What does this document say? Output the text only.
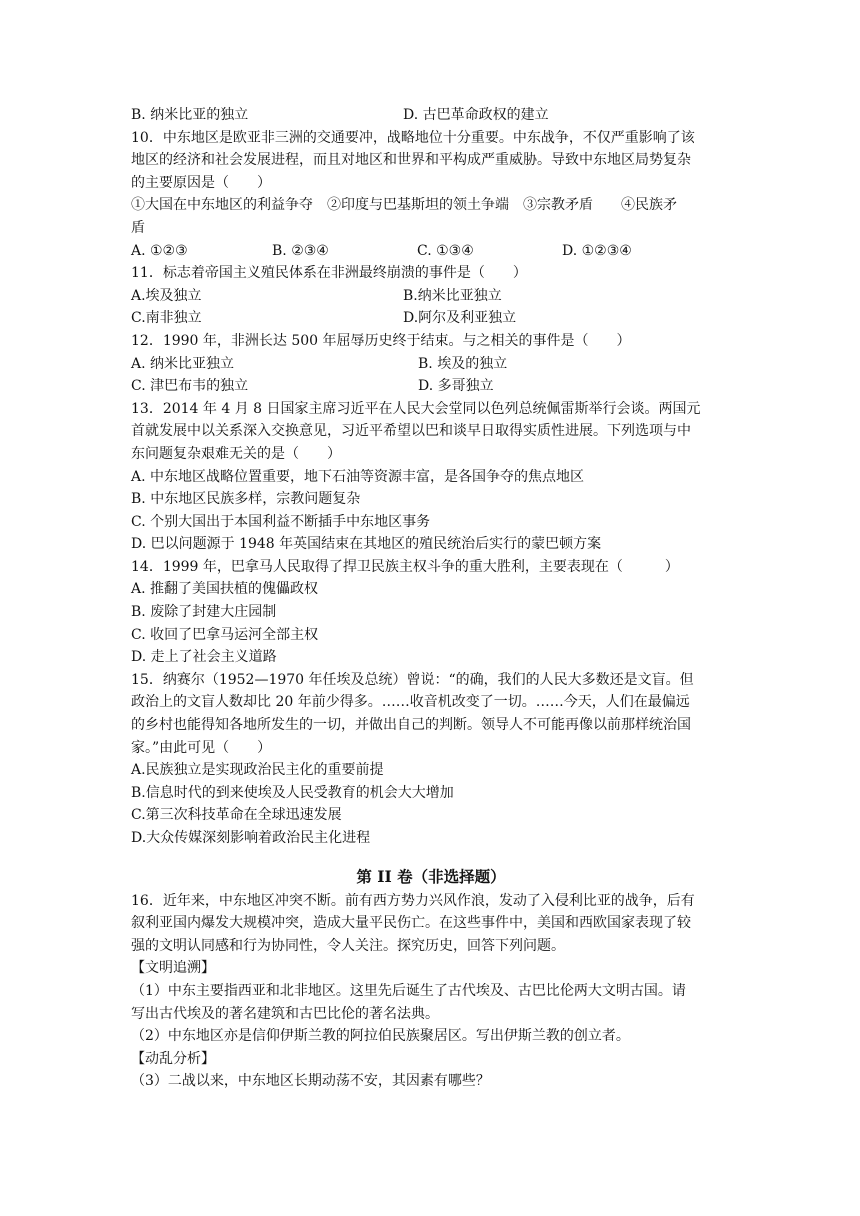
B. 纳米比亚的独立	D. 古巴革命政权的建立

10．中东地区是欧亚非三洲的交通要冲，战略地位十分重要。中东战争，不仅严重影响了该

地区的经济和社会发展进程，而且对地区和世界和平构成严重威胁。导致中东地区局势复杂

的主要原因是（　　）

①大国在中东地区的利益争夺　②印度与巴基斯坦的领土争端　③宗教矛盾　　④民族矛

盾

A. ①②③	B. ②③④	C. ①③④	D. ①②③④

11．标志着帝国主义殖民体系在非洲最终崩溃的事件是（　　）

A.埃及独立	B.纳米比亚独立
C.南非独立	D.阿尔及利亚独立

12．1990 年，非洲长达 500 年屈辱历史终于结束。与之相关的事件是（　　）

A. 纳米比亚独立	B. 埃及的独立
C. 津巴布韦的独立	D. 多哥独立

13．2014 年 4 月 8 日国家主席习近平在人民大会堂同以色列总统佩雷斯举行会谈。两国元

首就发展中以关系深入交换意见，习近平希望以巴和谈早日取得实质性进展。下列选项与中

东问题复杂艰难无关的是（　　）

A. 中东地区战略位置重要，地下石油等资源丰富，是各国争夺的焦点地区

B. 中东地区民族多样，宗教问题复杂

C. 个别大国出于本国利益不断插手中东地区事务

D. 巴以问题源于 1948 年英国结束在其地区的殖民统治后实行的蒙巴顿方案

14．1999 年，巴拿马人民取得了捍卫民族主权斗争的重大胜利，主要表现在（　　　）

A. 推翻了美国扶植的傀儡政权

B. 废除了封建大庄园制

C. 收回了巴拿马运河全部主权

D. 走上了社会主义道路

15．纳赛尔（1952—1970 年任埃及总统）曾说：“的确，我们的人民大多数还是文盲。但

政治上的文盲人数却比 20 年前少得多。……收音机改变了一切。……今天，人们在最偏远

的乡村也能得知各地所发生的一切，并做出自己的判断。领导人不可能再像以前那样统治国

家。”由此可见（　　）

A.民族独立是实现政治民主化的重要前提

B.信息时代的到来使埃及人民受教育的机会大大增加

C.第三次科技革命在全球迅速发展

D.大众传媒深刻影响着政治民主化进程

第 II 卷（非选择题）

16．近年来，中东地区冲突不断。前有西方势力兴风作浪，发动了入侵利比亚的战争，后有

叙利亚国内爆发大规模冲突，造成大量平民伤亡。在这些事件中，美国和西欧国家表现了较

强的文明认同感和行为协同性，令人关注。探究历史，回答下列问题。

【文明追溯】

（1）中东主要指西亚和北非地区。这里先后诞生了古代埃及、古巴比伦两大文明古国。请

写出古代埃及的著名建筑和古巴比伦的著名法典。

（2）中东地区亦是信仰伊斯兰教的阿拉伯民族聚居区。写出伊斯兰教的创立者。

【动乱分析】

（3）二战以来，中东地区长期动荡不安，其因素有哪些？
